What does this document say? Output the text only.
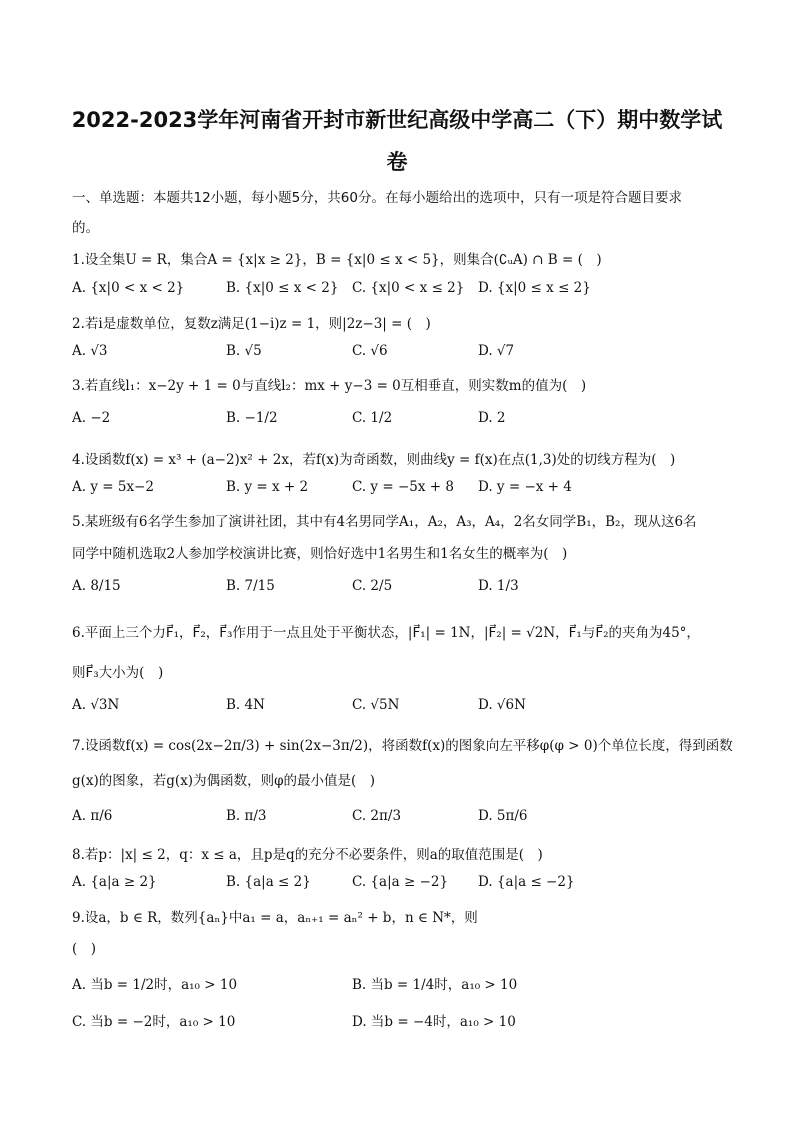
2022-2023学年河南省开封市新世纪高级中学高二（下）期中数学试
卷
一、单选题：本题共12小题，每小题5分，共60分。在每小题给出的选项中，只有一项是符合题目要求
的。
1.设全集U = R，集合A = {x|x ≥ 2}，B = {x|0 ≤ x < 5}，则集合(∁ᵤA) ∩ B = (　)
A. {x|0 < x < 2}	B. {x|0 ≤ x < 2} C. {x|0 < x ≤ 2} D. {x|0 ≤ x ≤ 2}
2.若i是虚数单位，复数z满足(1−i)z = 1，则|2z−3| = (　)
A. √3	B. √5	C. √6	D. √7
3.若直线l₁：x−2y + 1 = 0与直线l₂：mx + y−3 = 0互相垂直，则实数m的值为(　)
A. −2	B. −1/2	C. 1/2	D. 2
4.设函数f(x) = x³ + (a−2)x² + 2x，若f(x)为奇函数，则曲线y = f(x)在点(1,3)处的切线方程为(　)
A. y = 5x−2	B. y = x + 2	C. y = −5x + 8 D. y = −x + 4
5.某班级有6名学生参加了演讲社团，其中有4名男同学A₁，A₂，A₃，A₄，2名女同学B₁，B₂，现从这6名
同学中随机选取2人参加学校演讲比赛，则恰好选中1名男生和1名女生的概率为(　)
A. 8/15	B. 7/15	C. 2/5	D. 1/3
6.平面上三个力F⃗₁，F⃗₂，F⃗₃作用于一点且处于平衡状态，|F⃗₁| = 1N，|F⃗₂| = √2N，F⃗₁与F⃗₂的夹角为45°，
则F⃗₃大小为(　)
A. √3N	B. 4N	C. √5N	D. √6N
7.设函数f(x) = cos(2x−2π/3) + sin(2x−3π/2)，将函数f(x)的图象向左平移φ(φ > 0)个单位长度，得到函数
g(x)的图象，若g(x)为偶函数，则φ的最小值是(　)
A. π/6	B. π/3	C. 2π/3	D. 5π/6
8.若p：|x| ≤ 2，q：x ≤ a，且p是q的充分不必要条件，则a的取值范围是(　)
A. {a|a ≥ 2}	B. {a|a ≤ 2}	C. {a|a ≥ −2} D. {a|a ≤ −2}
9.设a，b ∈ R，数列{aₙ}中a₁ = a，aₙ₊₁ = aₙ² + b，n ∈ N*，则
(　)
A. 当b = 1/2时，a₁₀ > 10	B. 当b = 1/4时，a₁₀ > 10
C. 当b = −2时，a₁₀ > 10	D. 当b = −4时，a₁₀ > 10
